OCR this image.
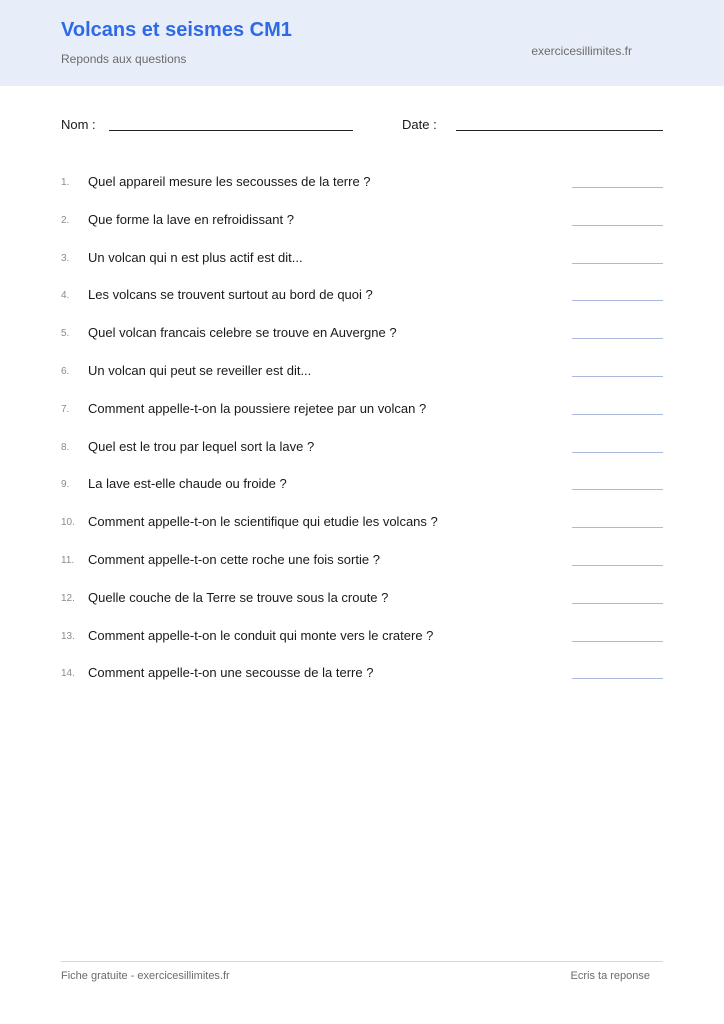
Volcans et seismes CM1
Reponds aux questions
exercicesillimites.fr
Nom :	Date :
1.	Quel appareil mesure les secousses de la terre ?
2.	Que forme la lave en refroidissant ?
3.	Un volcan qui n est plus actif est dit...
4.	Les volcans se trouvent surtout au bord de quoi ?
5.	Quel volcan francais celebre se trouve en Auvergne ?
6.	Un volcan qui peut se reveiller est dit...
7.	Comment appelle-t-on la poussiere rejetee par un volcan ?
8.	Quel est le trou par lequel sort la lave ?
9.	La lave est-elle chaude ou froide ?
10.	Comment appelle-t-on le scientifique qui etudie les volcans ?
11.	Comment appelle-t-on cette roche une fois sortie ?
12.	Quelle couche de la Terre se trouve sous la croute ?
13.	Comment appelle-t-on le conduit qui monte vers le cratere ?
14.	Comment appelle-t-on une secousse de la terre ?
Fiche gratuite - exercicesillimites.fr	Ecris ta reponse
